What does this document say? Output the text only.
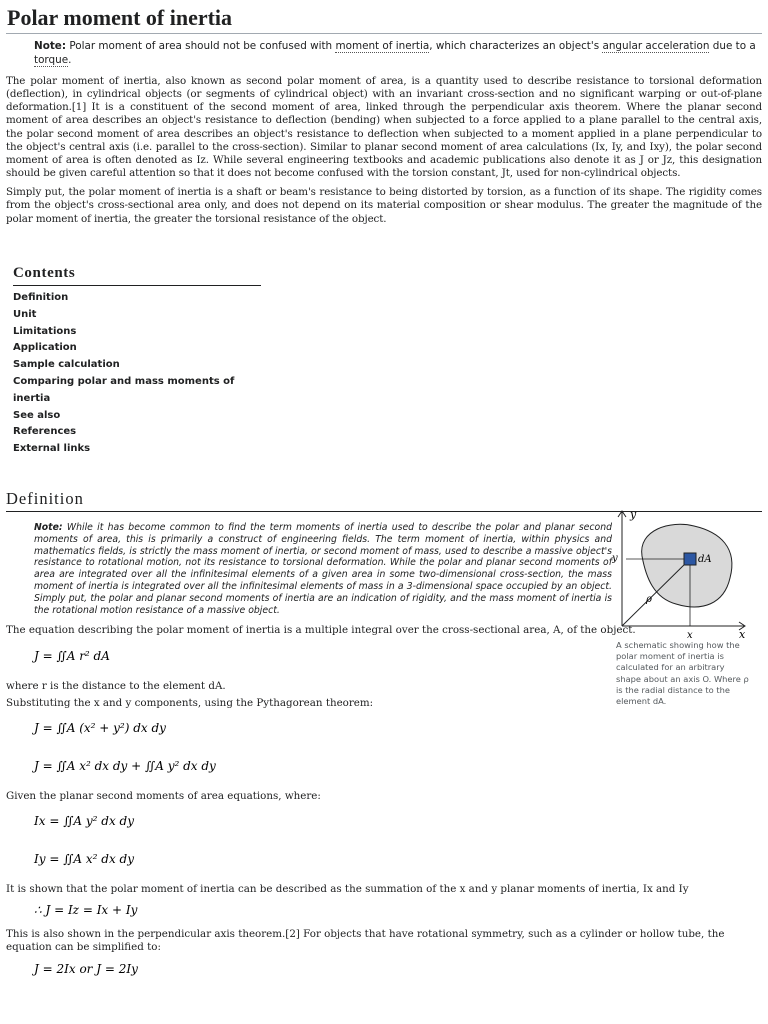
Polar moment of inertia
Note: Polar moment of area should not be confused with moment of inertia, which characterizes an object's angular acceleration due to a torque.

The polar moment of inertia, also known as second polar moment of area, is a quantity used to describe resistance to torsional deformation (deflection), in cylindrical objects (or segments of cylindrical object) with an invariant cross-section and no significant warping or out-of-plane deformation.[1] It is a constituent of the second moment of area, linked through the perpendicular axis theorem. Where the planar second moment of area describes an object's resistance to deflection (bending) when subjected to a force applied to a plane parallel to the central axis, the polar second moment of area describes an object's resistance to deflection when subjected to a moment applied in a plane perpendicular to the object's central axis (i.e. parallel to the cross-section). Similar to planar second moment of area calculations (Ix, Iy, and Ixy), the polar second moment of area is often denoted as Iz. While several engineering textbooks and academic publications also denote it as J or Jz, this designation should be given careful attention so that it does not become confused with the torsion constant, Jt, used for non-cylindrical objects.

Simply put, the polar moment of inertia is a shaft or beam's resistance to being distorted by torsion, as a function of its shape. The rigidity comes from the object's cross-sectional area only, and does not depend on its material composition or shear modulus. The greater the magnitude of the polar moment of inertia, the greater the torsional resistance of the object.

Contents
Definition
Unit
Limitations
Application
Sample calculation
Comparing polar and mass moments of inertia
See also
References
External links
Definition
y
x
y
x
ρ
dA
A schematic showing how the polar moment of inertia is calculated for an arbitrary shape about an axis O. Where ρ is the radial distance to the element dA.
Note: While it has become common to find the term moments of inertia used to describe the polar and planar second moments of area, this is primarily a construct of engineering fields. The term moment of inertia, within physics and mathematics fields, is strictly the mass moment of inertia, or second moment of mass, used to describe a massive object's resistance to rotational motion, not its resistance to torsional deformation. While the polar and planar second moments of area are integrated over all the infinitesimal elements of a given area in some two-dimensional cross-section, the mass moment of inertia is integrated over all the infinitesimal elements of mass in a 3-dimensional space occupied by an object. Simply put, the polar and planar second moments of inertia are an indication of rigidity, and the mass moment of inertia is the rotational motion resistance of a massive object.
The equation describing the polar moment of inertia is a multiple integral over the cross-sectional area, A, of the object.
J = ∬A r² dA
where r is the distance to the element dA.
Substituting the x and y components, using the Pythagorean theorem:
J = ∬A (x² + y²) dx dy
J = ∬A x² dx dy + ∬A y² dx dy
Given the planar second moments of area equations, where:
Ix = ∬A y² dx dy
Iy = ∬A x² dx dy
It is shown that the polar moment of inertia can be described as the summation of the x and y planar moments of inertia, Ix and Iy
∴ J = Iz = Ix + Iy
This is also shown in the perpendicular axis theorem.[2] For objects that have rotational symmetry, such as a cylinder or hollow tube, the equation can be simplified to:
J = 2Ix or J = 2Iy
